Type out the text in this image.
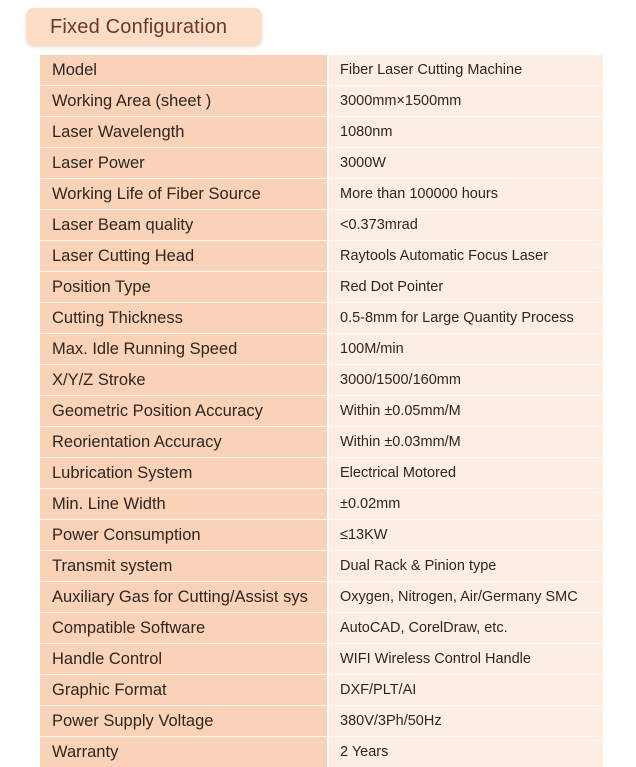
Fixed Configuration
Model	Fiber Laser Cutting Machine
Working Area (sheet )	3000mm×1500mm
Laser Wavelength	1080nm
Laser Power	3000W
Working Life of Fiber Source	More than 100000 hours
Laser Beam quality	<0.373mrad
Laser Cutting Head	Raytools Automatic Focus Laser
Position Type	Red Dot Pointer
Cutting Thickness	0.5-8mm for Large Quantity Process
Max. Idle Running Speed	100M/min
X/Y/Z Stroke	3000/1500/160mm
Geometric Position Accuracy	Within ±0.05mm/M
Reorientation Accuracy	Within ±0.03mm/M
Lubrication System	Electrical Motored
Min. Line Width	±0.02mm
Power Consumption	≤13KW
Transmit system	Dual Rack & Pinion type
Auxiliary Gas for Cutting/Assist sys	Oxygen, Nitrogen, Air/Germany SMC
Compatible Software	AutoCAD, CorelDraw, etc.
Handle Control	WIFI Wireless Control Handle
Graphic Format	DXF/PLT/AI
Power Supply Voltage	380V/3Ph/50Hz
Warranty	2 Years
